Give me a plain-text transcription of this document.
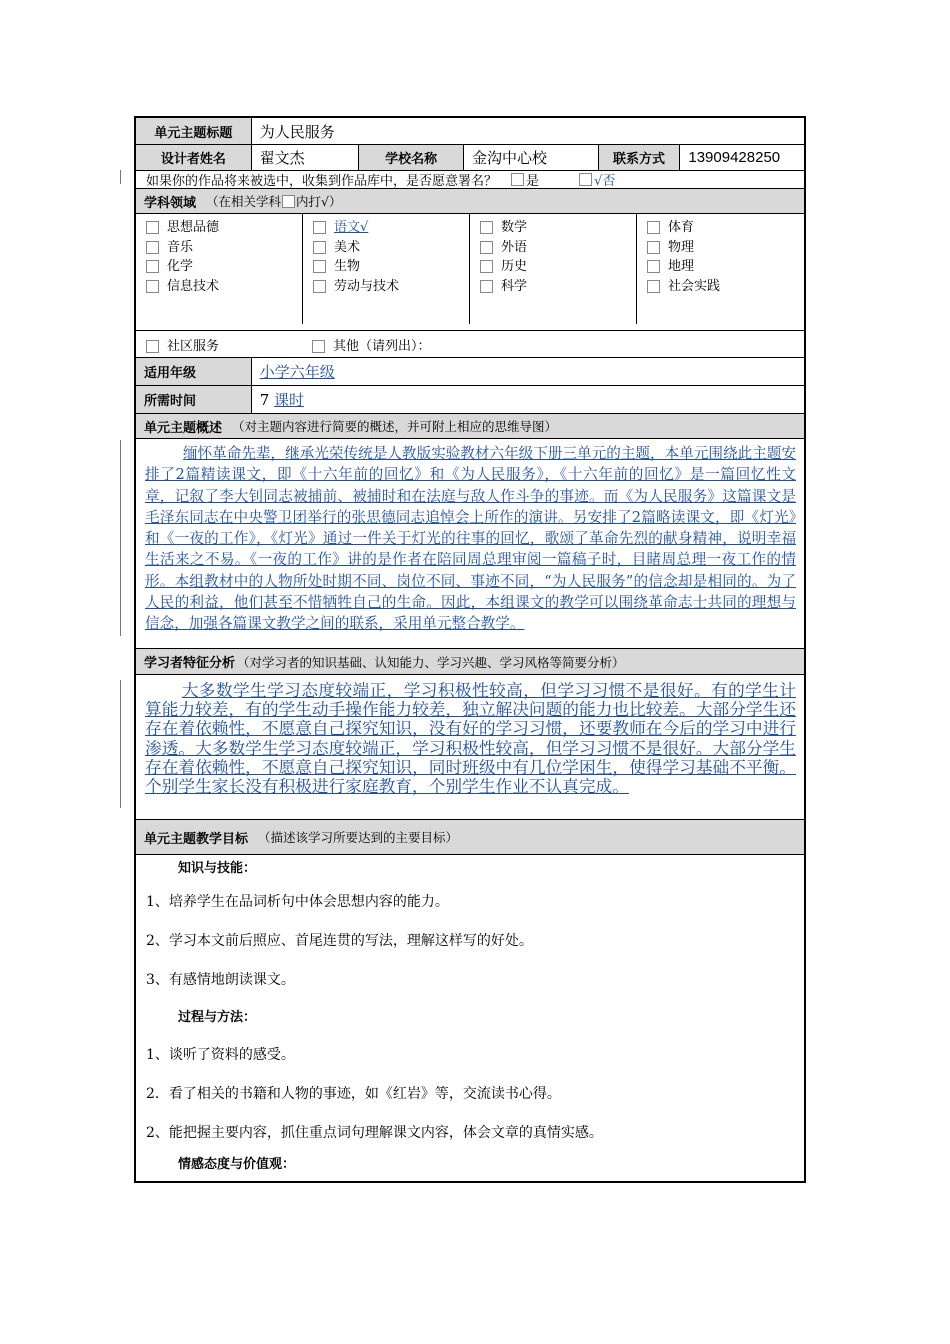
单元主题标题	为人民服务
设计者姓名	翟文杰	学校名称	金沟中心校	联系方式	13909428250
如果你的作品将来被选中，收集到作品库中，是否愿意署名？ 是	√否
学科领域 （在相关学科 内打√）
思想品德
音乐
化学
信息技术
语文√
美术
生物
劳动与技术
数学
外语
历史
科学
体育
物理
地理
社会实践
社区服务	其他（请列出）：
适用年级	小学六年级
所需时间	7
课时
单元主题概述 （对主题内容进行简要的概述，并可附上相应的思维导图）

缅怀革命先辈，继承光荣传统是人教版实验教材六年级下册三单元的主题，本单元围绕此主题安排了2篇精读课文，即《十六年前的回忆》和《为人民服务》，《十六年前的回忆》是一篇回忆性文章，记叙了李大钊同志被捕前、被捕时和在法庭与敌人作斗争的事迹。而《为人民服务》这篇课文是毛泽东同志在中央警卫团举行的张思德同志追悼会上所作的演讲。另安排了2篇略读课文，即《灯光》和《一夜的工作》，《灯光》通过一件关于灯光的往事的回忆，歌颂了革命先烈的献身精神，说明幸福生活来之不易。《一夜的工作》讲的是作者在陪同周总理审阅一篇稿子时，目睹周总理一夜工作的情形。本组教材中的人物所处时期不同、岗位不同、事迹不同，“为人民服务”的信念却是相同的。为了人民的利益，他们甚至不惜牺牲自己的生命。因此，本组课文的教学可以围绕革命志士共同的理想与信念，加强各篇课文教学之间的联系，采用单元整合教学。

学习者特征分析 （对学习者的知识基础、认知能力、学习兴趣、学习风格等简要分析）

大多数学生学习态度较端正，学习积极性较高，但学习习惯不是很好。有的学生计算能力较差，有的学生动手操作能力较差，独立解决问题的能力也比较差。大部分学生还存在着依赖性，不愿意自己探究知识，没有好的学习习惯，还要教师在今后的学习中进行渗透。大多数学生学习态度较端正，学习积极性较高，但学习习惯不是很好。大部分学生存在着依赖性，不愿意自己探究知识，同时班级中有几位学困生，使得学习基础不平衡。个别学生家长没有积极进行家庭教育，个别学生作业不认真完成。

单元主题教学目标 （描述该学习所要达到的主要目标）
知识与技能：
1、培养学生在品词析句中体会思想内容的能力。
2、学习本文前后照应、首尾连贯的写法，理解这样写的好处。
3、有感情地朗读课文。
过程与方法：
1、谈听了资料的感受。
2．看了相关的书籍和人物的事迹，如《红岩》等，交流读书心得。
2、能把握主要内容，抓住重点词句理解课文内容，体会文章的真情实感。
情感态度与价值观：
